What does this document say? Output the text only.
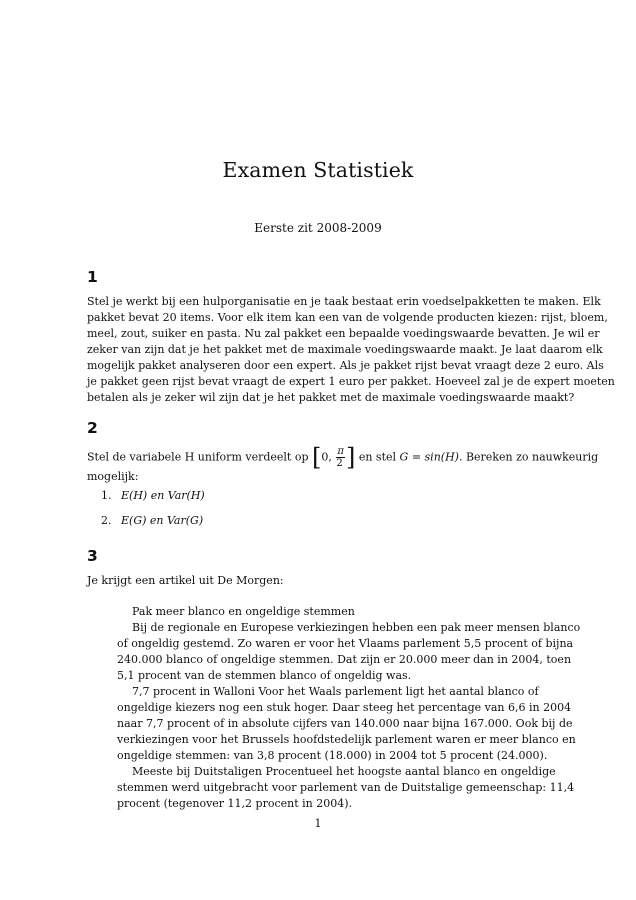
Examen Statistiek
Eerste zit 2008-2009
1
Stel je werkt bij een hulporganisatie en je taak bestaat erin voedselpakketten te maken. Elk
pakket bevat 20 items. Voor elk item kan een van de volgende producten kiezen: rijst, bloem,
meel, zout, suiker en pasta. Nu zal pakket een bepaalde voedingswaarde bevatten. Je wil er
zeker van zijn dat je het pakket met de maximale voedingswaarde maakt. Je laat daarom elk
mogelijk pakket analyseren door een expert. Als je pakket rijst bevat vraagt deze 2 euro. Als
je pakket geen rijst bevat vraagt de expert 1 euro per pakket. Hoeveel zal je de expert moeten
betalen als je zeker wil zijn dat je het pakket met de maximale voedingswaarde maakt?
2
Stel de variabele H uniform verdeelt op [0, $\frac{\pi}{2}$ ] en stel G = sin(H). Bereken zo nauwkeurig
mogelijk:
1. E(H) en Var(H)
2. E(G) en Var(G)
3
Je krijgt een artikel uit De Morgen:
Pak meer blanco en ongeldige stemmen
Bij de regionale en Europese verkiezingen hebben een pak meer mensen blanco
of ongeldig gestemd. Zo waren er voor het Vlaams parlement 5,5 procent of bijna
240.000 blanco of ongeldige stemmen. Dat zijn er 20.000 meer dan in 2004, toen
5,1 procent van de stemmen blanco of ongeldig was.
7,7 procent in Walloni Voor het Waals parlement ligt het aantal blanco of
ongeldige kiezers nog een stuk hoger. Daar steeg het percentage van 6,6 in 2004
naar 7,7 procent of in absolute cijfers van 140.000 naar bijna 167.000. Ook bij de
verkiezingen voor het Brussels hoofdstedelijk parlement waren er meer blanco en
ongeldige stemmen: van 3,8 procent (18.000) in 2004 tot 5 procent (24.000).
Meeste bij Duitstaligen Procentueel het hoogste aantal blanco en ongeldige
stemmen werd uitgebracht voor parlement van de Duitstalige gemeenschap: 11,4
procent (tegenover 11,2 procent in 2004).
1
